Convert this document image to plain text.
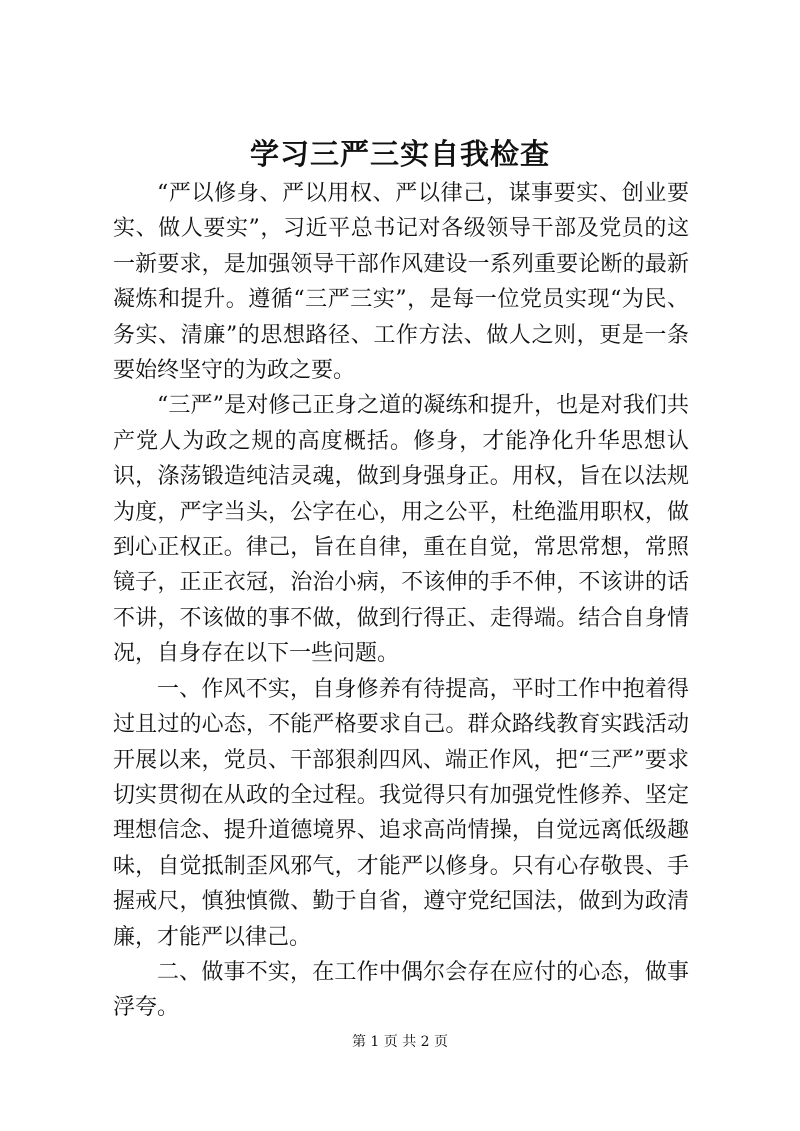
学习三严三实自我检查

“严以修身、严以用权、严以律己，谋事要实、创业要实、做人要实”，习近平总书记对各级领导干部及党员的这一新要求，是加强领导干部作风建设一系列重要论断的最新凝炼和提升。遵循“三严三实”，是每一位党员实现“为民、务实、清廉”的思想路径、工作方法、做人之则，更是一条要始终坚守的为政之要。

“三严”是对修己正身之道的凝练和提升，也是对我们共产党人为政之规的高度概括。修身，才能净化升华思想认识，涤荡锻造纯洁灵魂，做到身强身正。用权，旨在以法规为度，严字当头，公字在心，用之公平，杜绝滥用职权，做到心正权正。律己，旨在自律，重在自觉，常思常想，常照镜子，正正衣冠，治治小病，不该伸的手不伸，不该讲的话不讲，不该做的事不做，做到行得正、走得端。结合自身情况，自身存在以下一些问题。

一、作风不实，自身修养有待提高，平时工作中抱着得过且过的心态，不能严格要求自己。群众路线教育实践活动开展以来，党员、干部狠刹四风、端正作风，把“三严”要求切实贯彻在从政的全过程。我觉得只有加强党性修养、坚定理想信念、提升道德境界、追求高尚情操，自觉远离低级趣味，自觉抵制歪风邪气，才能严以修身。只有心存敬畏、手握戒尺，慎独慎微、勤于自省，遵守党纪国法，做到为政清廉，才能严以律己。

二、做事不实，在工作中偶尔会存在应付的心态，做事浮夸。

第 1 页 共 2 页
